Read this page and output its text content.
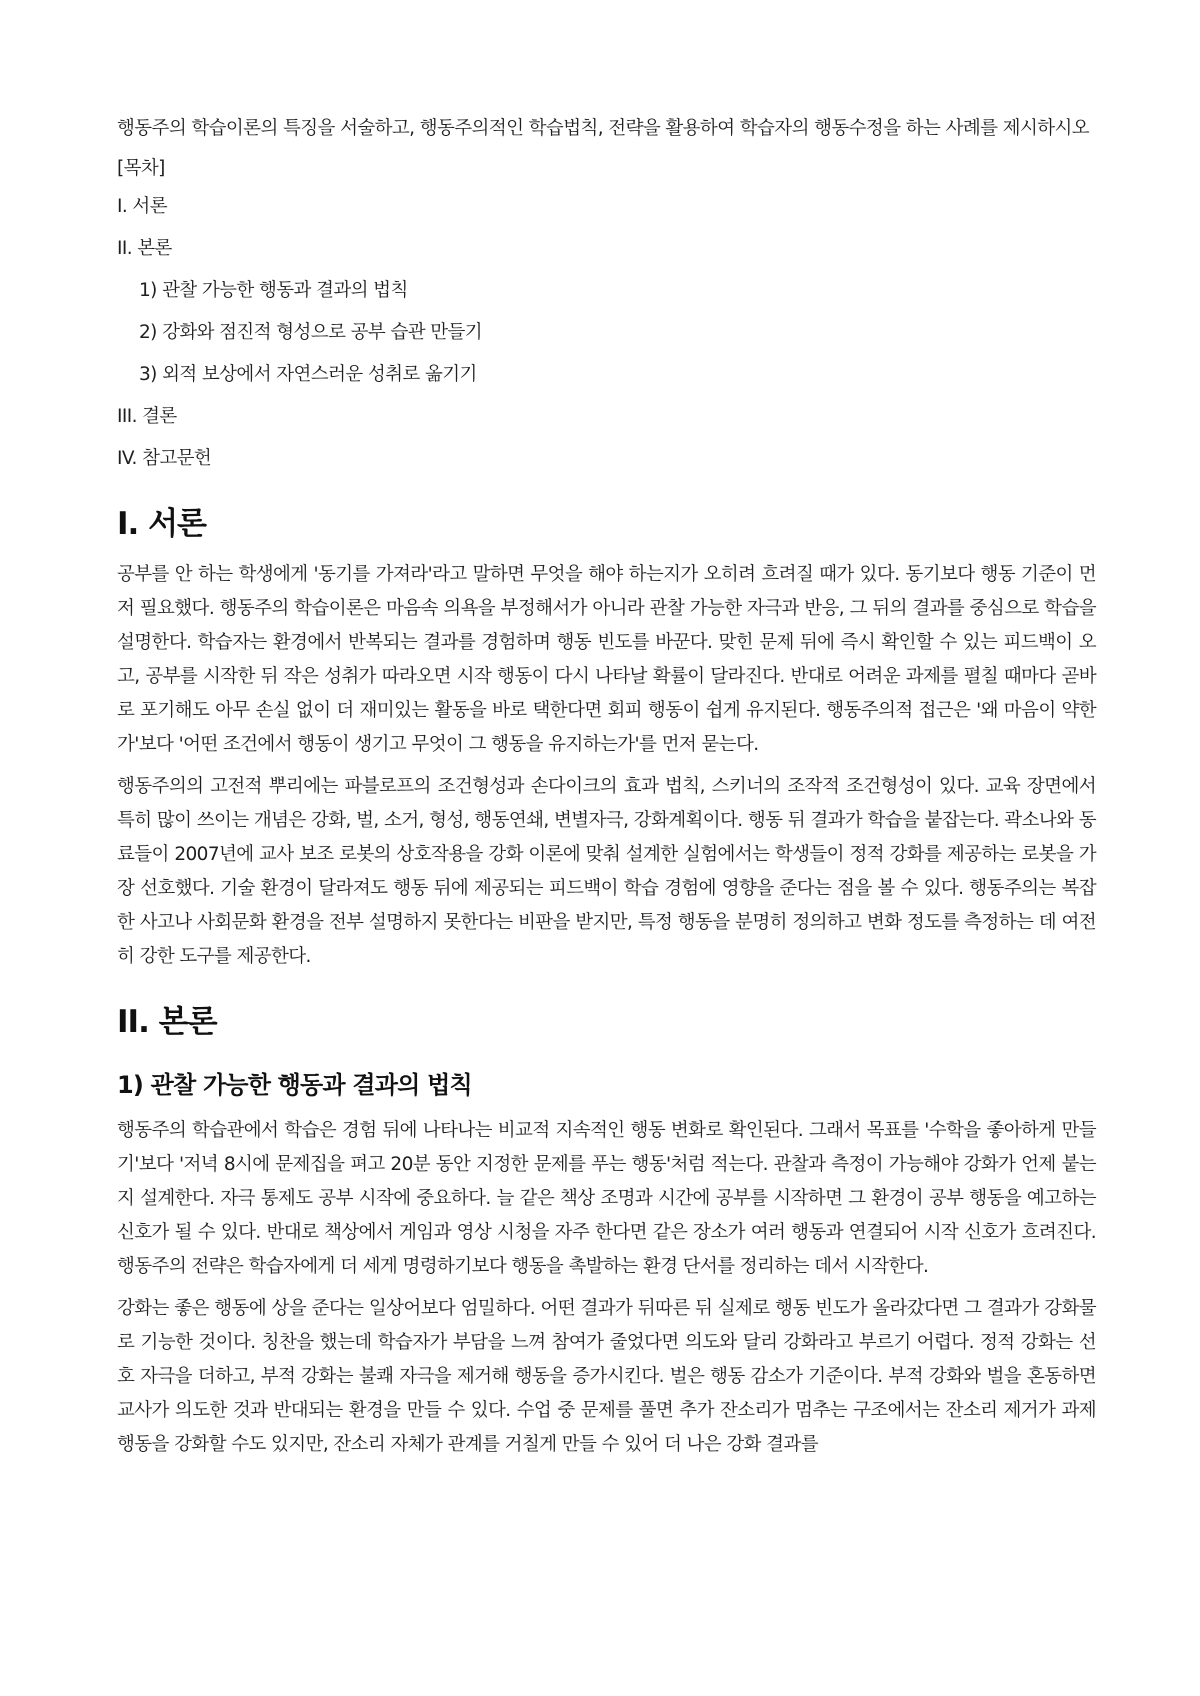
행동주의 학습이론의 특징을 서술하고, 행동주의적인 학습법칙, 전략을 활용하여 학습자의 행동수정을 하는 사례를 제시하시오

[목차]
I. 서론
II. 본론
1) 관찰 가능한 행동과 결과의 법칙
2) 강화와 점진적 형성으로 공부 습관 만들기
3) 외적 보상에서 자연스러운 성취로 옮기기
III. 결론
IV. 참고문헌
I. 서론

공부를 안 하는 학생에게 '동기를 가져라'라고 말하면 무엇을 해야 하는지가 오히려 흐려질 때가 있다. 동기보다 행동 기준이 먼저 필요했다. 행동주의 학습이론은 마음속 의욕을 부정해서가 아니라 관찰 가능한 자극과 반응, 그 뒤의 결과를 중심으로 학습을 설명한다. 학습자는 환경에서 반복되는 결과를 경험하며 행동 빈도를 바꾼다. 맞힌 문제 뒤에 즉시 확인할 수 있는 피드백이 오고, 공부를 시작한 뒤 작은 성취가 따라오면 시작 행동이 다시 나타날 확률이 달라진다. 반대로 어려운 과제를 펼칠 때마다 곧바로 포기해도 아무 손실 없이 더 재미있는 활동을 바로 택한다면 회피 행동이 쉽게 유지된다. 행동주의적 접근은 '왜 마음이 약한가'보다 '어떤 조건에서 행동이 생기고 무엇이 그 행동을 유지하는가'를 먼저 묻는다.

행동주의의 고전적 뿌리에는 파블로프의 조건형성과 손다이크의 효과 법칙, 스키너의 조작적 조건형성이 있다. 교육 장면에서 특히 많이 쓰이는 개념은 강화, 벌, 소거, 형성, 행동연쇄, 변별자극, 강화계획이다. 행동 뒤 결과가 학습을 붙잡는다. 곽소나와 동료들이 2007년에 교사 보조 로봇의 상호작용을 강화 이론에 맞춰 설계한 실험에서는 학생들이 정적 강화를 제공하는 로봇을 가장 선호했다. 기술 환경이 달라져도 행동 뒤에 제공되는 피드백이 학습 경험에 영향을 준다는 점을 볼 수 있다. 행동주의는 복잡한 사고나 사회문화 환경을 전부 설명하지 못한다는 비판을 받지만, 특정 행동을 분명히 정의하고 변화 정도를 측정하는 데 여전히 강한 도구를 제공한다.

II. 본론
1) 관찰 가능한 행동과 결과의 법칙

행동주의 학습관에서 학습은 경험 뒤에 나타나는 비교적 지속적인 행동 변화로 확인된다. 그래서 목표를 '수학을 좋아하게 만들기'보다 '저녁 8시에 문제집을 펴고 20분 동안 지정한 문제를 푸는 행동'처럼 적는다. 관찰과 측정이 가능해야 강화가 언제 붙는지 설계한다. 자극 통제도 공부 시작에 중요하다. 늘 같은 책상 조명과 시간에 공부를 시작하면 그 환경이 공부 행동을 예고하는 신호가 될 수 있다. 반대로 책상에서 게임과 영상 시청을 자주 한다면 같은 장소가 여러 행동과 연결되어 시작 신호가 흐려진다. 행동주의 전략은 학습자에게 더 세게 명령하기보다 행동을 촉발하는 환경 단서를 정리하는 데서 시작한다.

강화는 좋은 행동에 상을 준다는 일상어보다 엄밀하다. 어떤 결과가 뒤따른 뒤 실제로 행동 빈도가 올라갔다면 그 결과가 강화물로 기능한 것이다. 칭찬을 했는데 학습자가 부담을 느껴 참여가 줄었다면 의도와 달리 강화라고 부르기 어렵다. 정적 강화는 선호 자극을 더하고, 부적 강화는 불쾌 자극을 제거해 행동을 증가시킨다. 벌은 행동 감소가 기준이다. 부적 강화와 벌을 혼동하면 교사가 의도한 것과 반대되는 환경을 만들 수 있다. 수업 중 문제를 풀면 추가 잔소리가 멈추는 구조에서는 잔소리 제거가 과제 행동을 강화할 수도 있지만, 잔소리 자체가 관계를 거칠게 만들 수 있어 더 나은 강화 결과를
